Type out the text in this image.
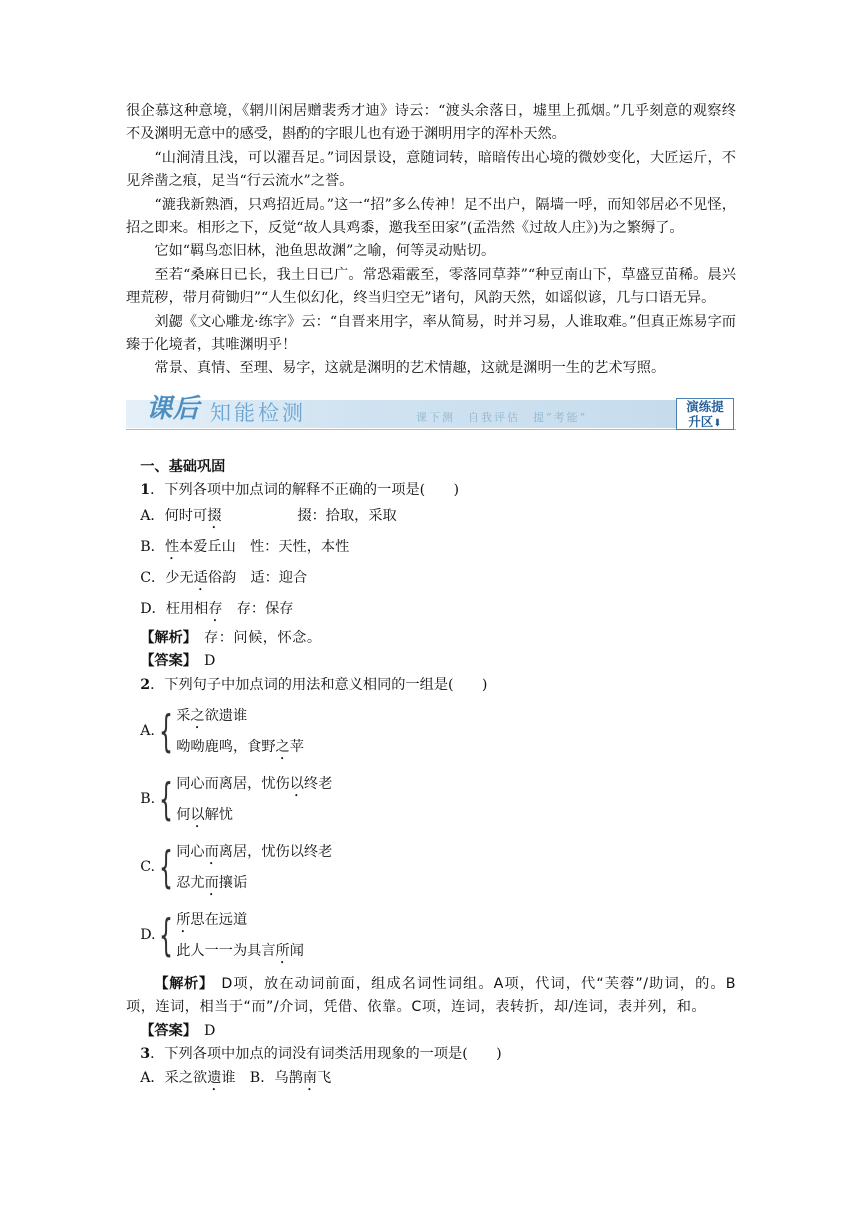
很企慕这种意境，《辋川闲居赠裴秀才迪》诗云：“渡头余落日，墟里上孤烟。”几乎刻意的观察终不及渊明无意中的感受，斟酌的字眼儿也有逊于渊明用字的浑朴天然。

“山涧清且浅，可以濯吾足。”词因景设，意随词转，暗暗传出心境的微妙变化，大匠运斤，不见斧凿之痕，足当“行云流水”之誉。

“漉我新熟酒，只鸡招近局。”这一“招”多么传神！足不出户，隔墙一呼，而知邻居必不见怪，招之即来。相形之下，反觉“故人具鸡黍，邀我至田家”(孟浩然《过故人庄》)为之繁缛了。

它如“羁鸟恋旧林，池鱼思故渊”之喻，何等灵动贴切。

至若“桑麻日已长，我土日已广。常恐霜霰至，零落同草莽”“种豆南山下，草盛豆苗稀。晨兴理荒秽，带月荷锄归”“人生似幻化，终当归空无”诸句，风韵天然，如谣似谚，几与口语无异。

刘勰《文心雕龙·练字》云：“自晋来用字，率从简易，时并习易，人谁取难。”但真正炼易字而臻于化境者，其唯渊明乎！

常景、真情、至理、易字，这就是渊明的艺术情趣，这就是渊明一生的艺术写照。

课后 知能检测	课下测　自我评估　提“考能”
演练提
升区⬇

一、基础巩固

1．下列各项中加点词的解释不正确的一项是(　　)

A．何时可掇	掇：拾取，采取

B．性本爱丘山　 性：天性，本性

C．少无适俗韵　 适：迎合

D．枉用相存　 存：保存

【解析】　 存：问候，怀念。

【答案】　 D

2．下列句子中加点词的用法和意义相同的一组是(　　)

A. { 采之欲遗谁
呦呦鹿鸣，食野之苹
B. { 同心而离居，忧伤以终老
何以解忧
C. { 同心而离居，忧伤以终老
忍尤而攘诟
D. { 所思在远道
此人一一为具言所闻

【解析】　 D项，放在动词前面，组成名词性词组。A项，代词，代“芙蓉”/助词，的。B项，连词，相当于“而”/介词，凭借、依靠。C项，连词，表转折，却/连词，表并列，和。

【答案】　 D

3．下列各项中加点的词没有词类活用现象的一项是(　　)

A．采之欲遗谁　B．乌鹊南飞
